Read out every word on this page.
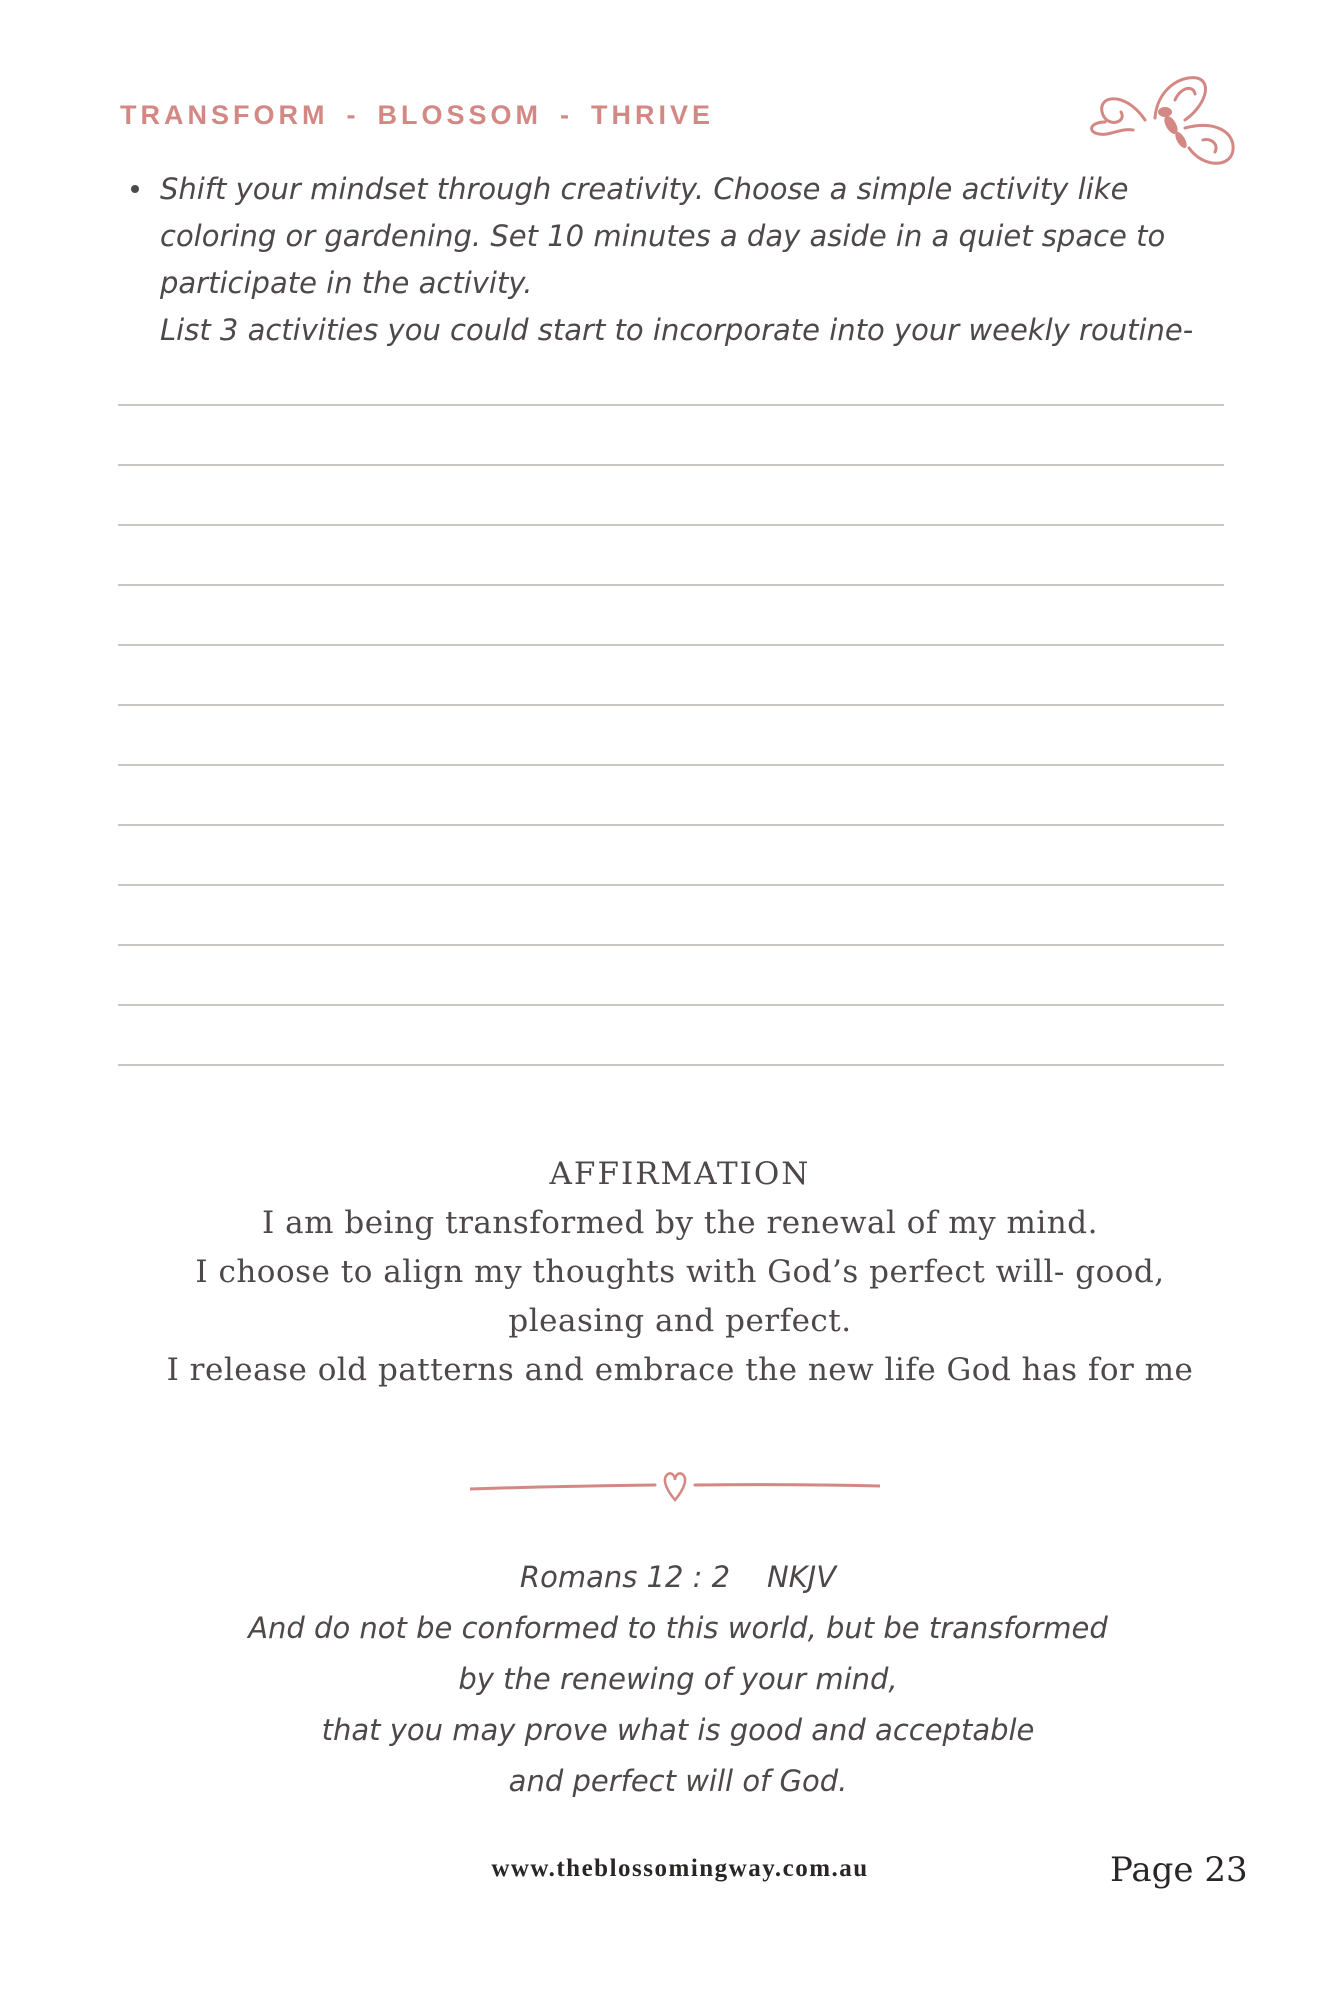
TRANSFORM - BLOSSOM - THRIVE

Shift your mindset through creativity. Choose a simple activity like

coloring or gardening. Set 10 minutes a day aside in a quiet space to

participate in the activity.

List 3 activities you could start to incorporate into your weekly routine-

AFFIRMATION
I am being transformed by the renewal of my mind.
I choose to align my thoughts with God’s perfect will- good,
pleasing and perfect.
I release old patterns and embrace the new life God has for me
Romans 12 : 2    NKJV
And do not be conformed to this world, but be transformed
by the renewing of your mind,
that you may prove what is good and acceptable
and perfect will of God.
www.theblossomingway.com.au	Page 23
